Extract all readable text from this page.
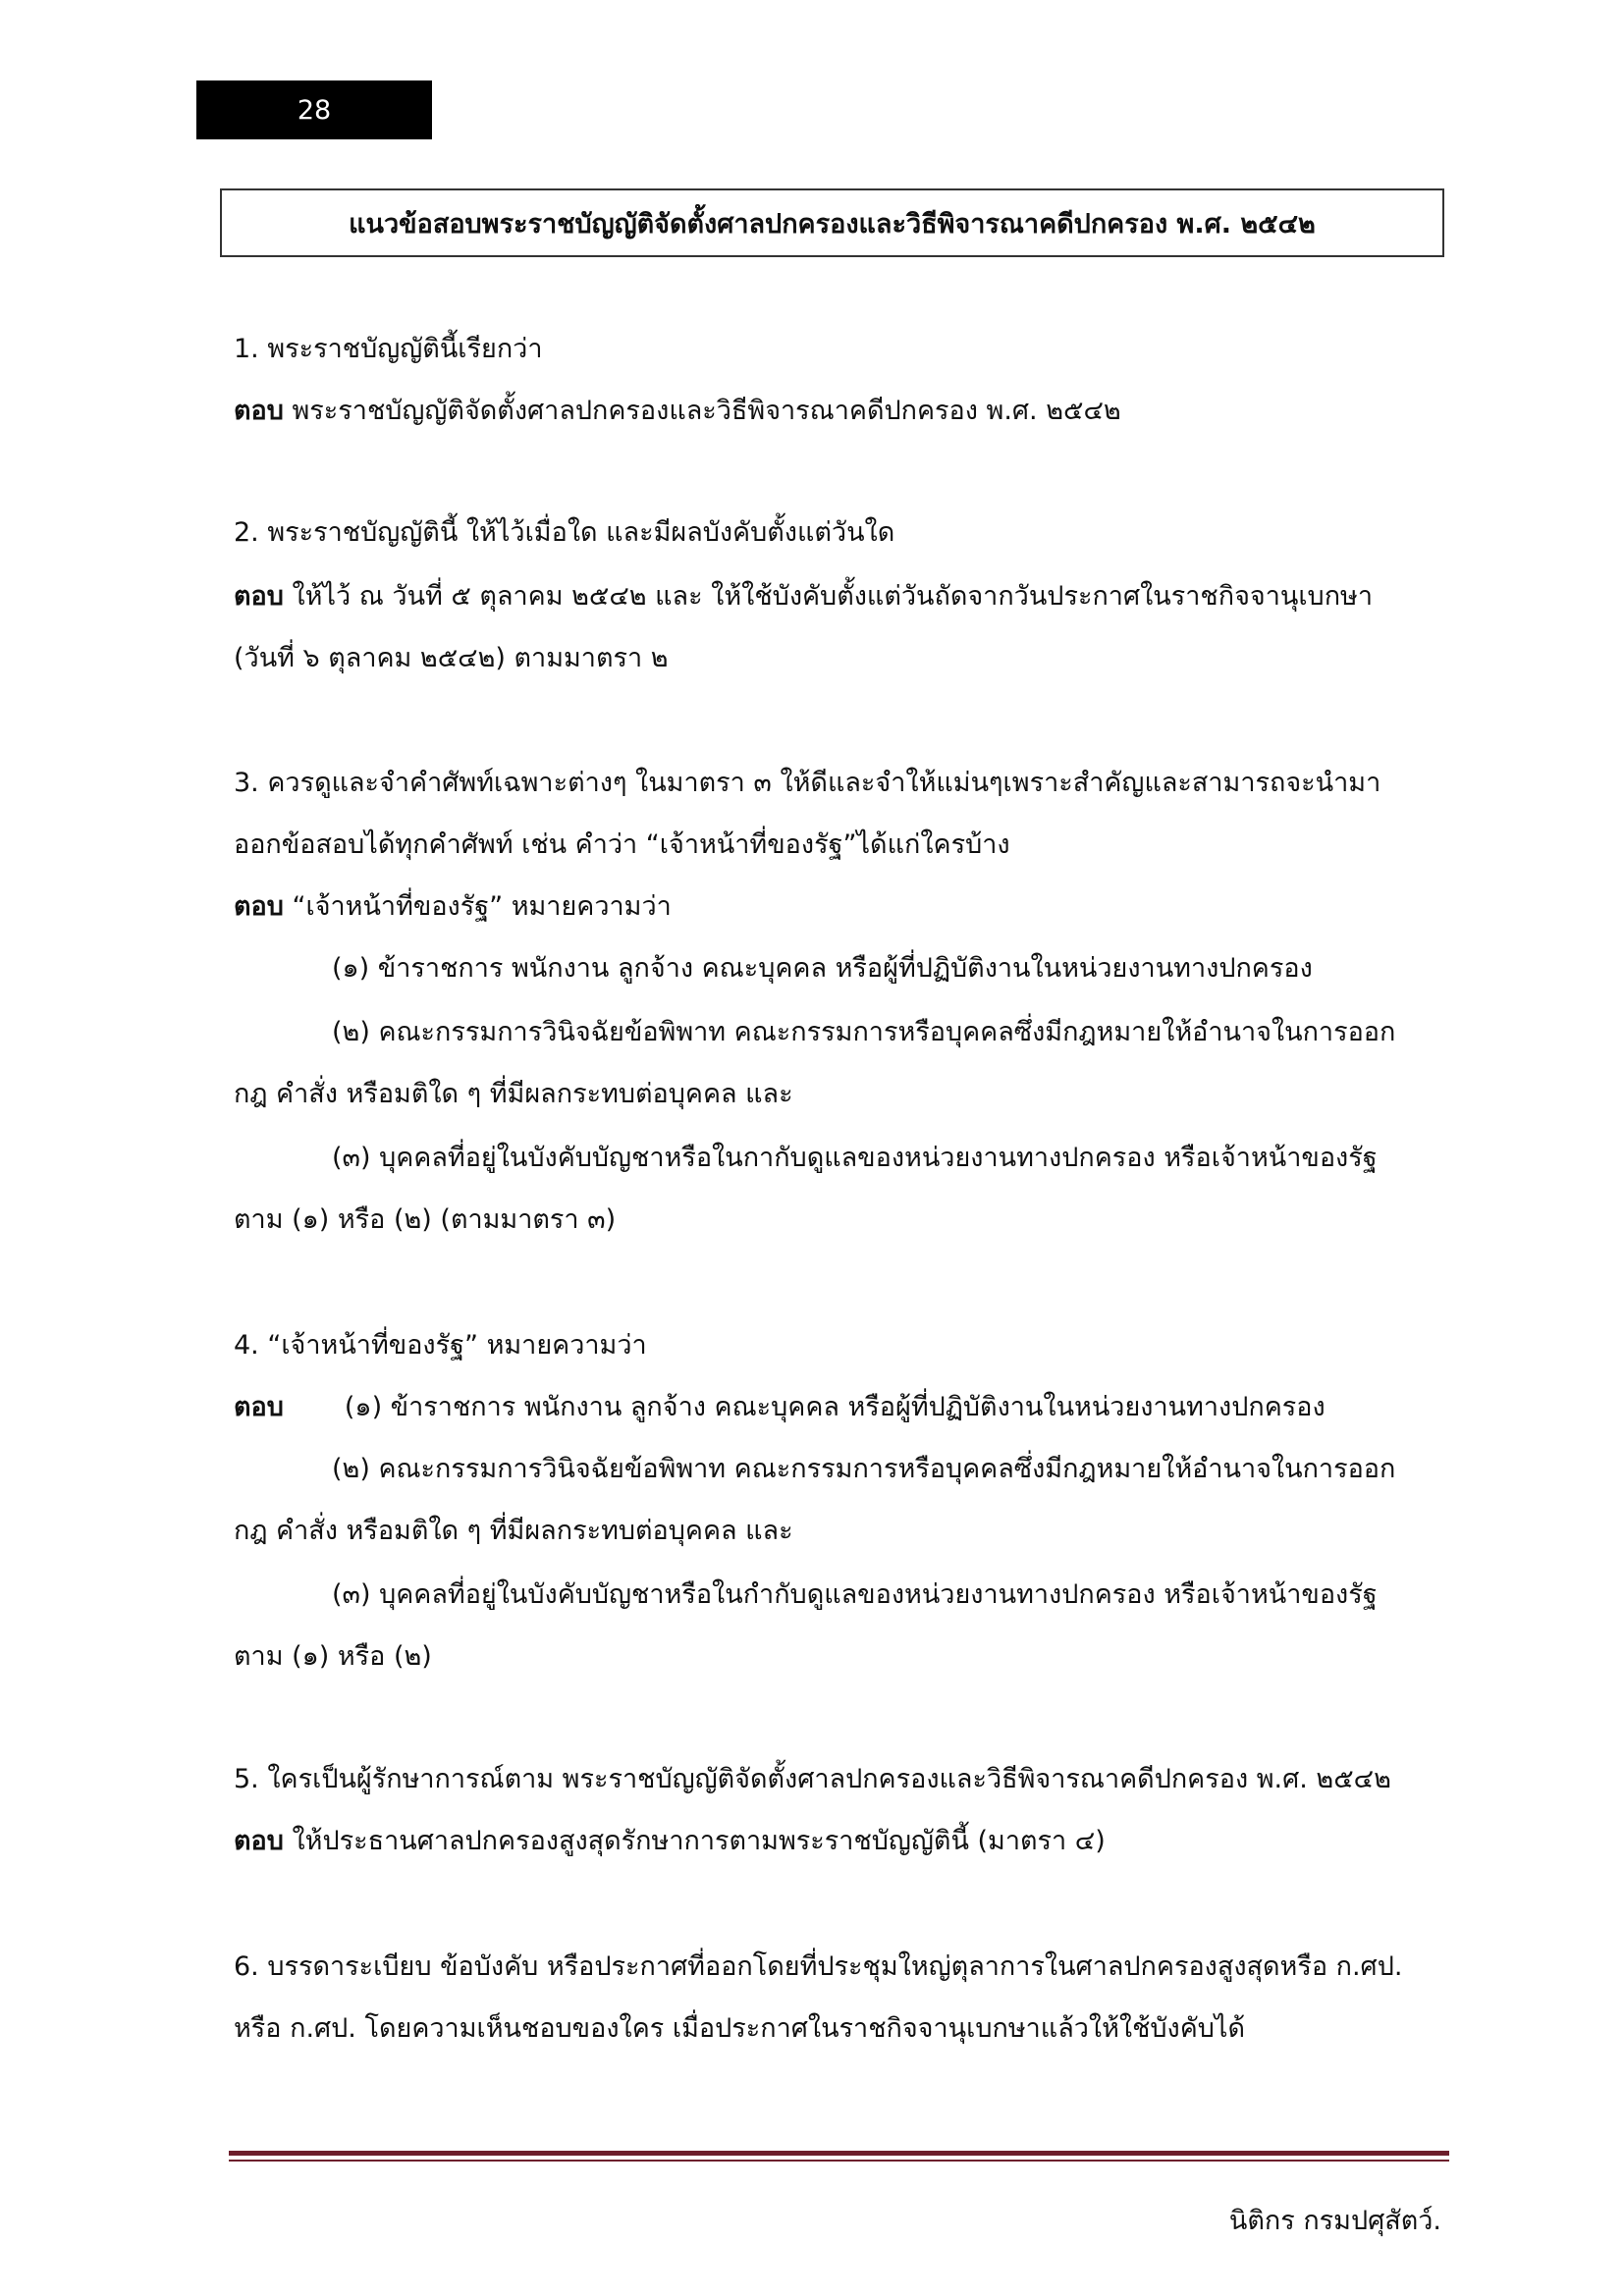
28
แนวข้อสอบพระราชบัญญัติจัดตั้งศาลปกครองและวิธีพิจารณาคดีปกครอง พ.ศ. ๒๕๔๒
1. พระราชบัญญัตินี้เรียกว่า
ตอบ พระราชบัญญัติจัดตั้งศาลปกครองและวิธีพิจารณาคดีปกครอง พ.ศ. ๒๕๔๒
2. พระราชบัญญัตินี้ ให้ไว้เมื่อใด และมีผลบังคับตั้งแต่วันใด
ตอบ ให้ไว้ ณ วันที่ ๕ ตุลาคม ๒๕๔๒ และ ให้ใช้บังคับตั้งแต่วันถัดจากวันประกาศในราชกิจจานุเบกษา
(วันที่ ๖ ตุลาคม ๒๕๔๒) ตามมาตรา ๒
3. ควรดูและจำคำศัพท์เฉพาะต่างๆ ในมาตรา ๓ ให้ดีและจำให้แม่นๆเพราะสำคัญและสามารถจะนำมา
ออกข้อสอบได้ทุกคำศัพท์ เช่น คำว่า “เจ้าหน้าที่ของรัฐ”ได้แก่ใครบ้าง
ตอบ “เจ้าหน้าที่ของรัฐ” หมายความว่า
(๑) ข้าราชการ พนักงาน ลูกจ้าง คณะบุคคล หรือผู้ที่ปฏิบัติงานในหน่วยงานทางปกครอง
(๒) คณะกรรมการวินิจฉัยข้อพิพาท คณะกรรมการหรือบุคคลซึ่งมีกฎหมายให้อำนาจในการออก
กฎ คำสั่ง หรือมติใด ๆ ที่มีผลกระทบต่อบุคคล และ
(๓) บุคคลที่อยู่ในบังคับบัญชาหรือในกากับดูแลของหน่วยงานทางปกครอง หรือเจ้าหน้าของรัฐ
ตาม (๑) หรือ (๒) (ตามมาตรา ๓)
4. “เจ้าหน้าที่ของรัฐ” หมายความว่า
ตอบ (๑) ข้าราชการ พนักงาน ลูกจ้าง คณะบุคคล หรือผู้ที่ปฏิบัติงานในหน่วยงานทางปกครอง
(๒) คณะกรรมการวินิจฉัยข้อพิพาท คณะกรรมการหรือบุคคลซึ่งมีกฎหมายให้อำนาจในการออก
กฎ คำสั่ง หรือมติใด ๆ ที่มีผลกระทบต่อบุคคล และ
(๓) บุคคลที่อยู่ในบังคับบัญชาหรือในกำกับดูแลของหน่วยงานทางปกครอง หรือเจ้าหน้าของรัฐ
ตาม (๑) หรือ (๒)
5. ใครเป็นผู้รักษาการณ์ตาม พระราชบัญญัติจัดตั้งศาลปกครองและวิธีพิจารณาคดีปกครอง พ.ศ. ๒๕๔๒
ตอบ ให้ประธานศาลปกครองสูงสุดรักษาการตามพระราชบัญญัตินี้ (มาตรา ๔)
6. บรรดาระเบียบ ข้อบังคับ หรือประกาศที่ออกโดยที่ประชุมใหญ่ตุลาการในศาลปกครองสูงสุดหรือ ก.ศป.
หรือ ก.ศป. โดยความเห็นชอบของใคร เมื่อประกาศในราชกิจจานุเบกษาแล้วให้ใช้บังคับได้
นิติกร กรมปศุสัตว์.
